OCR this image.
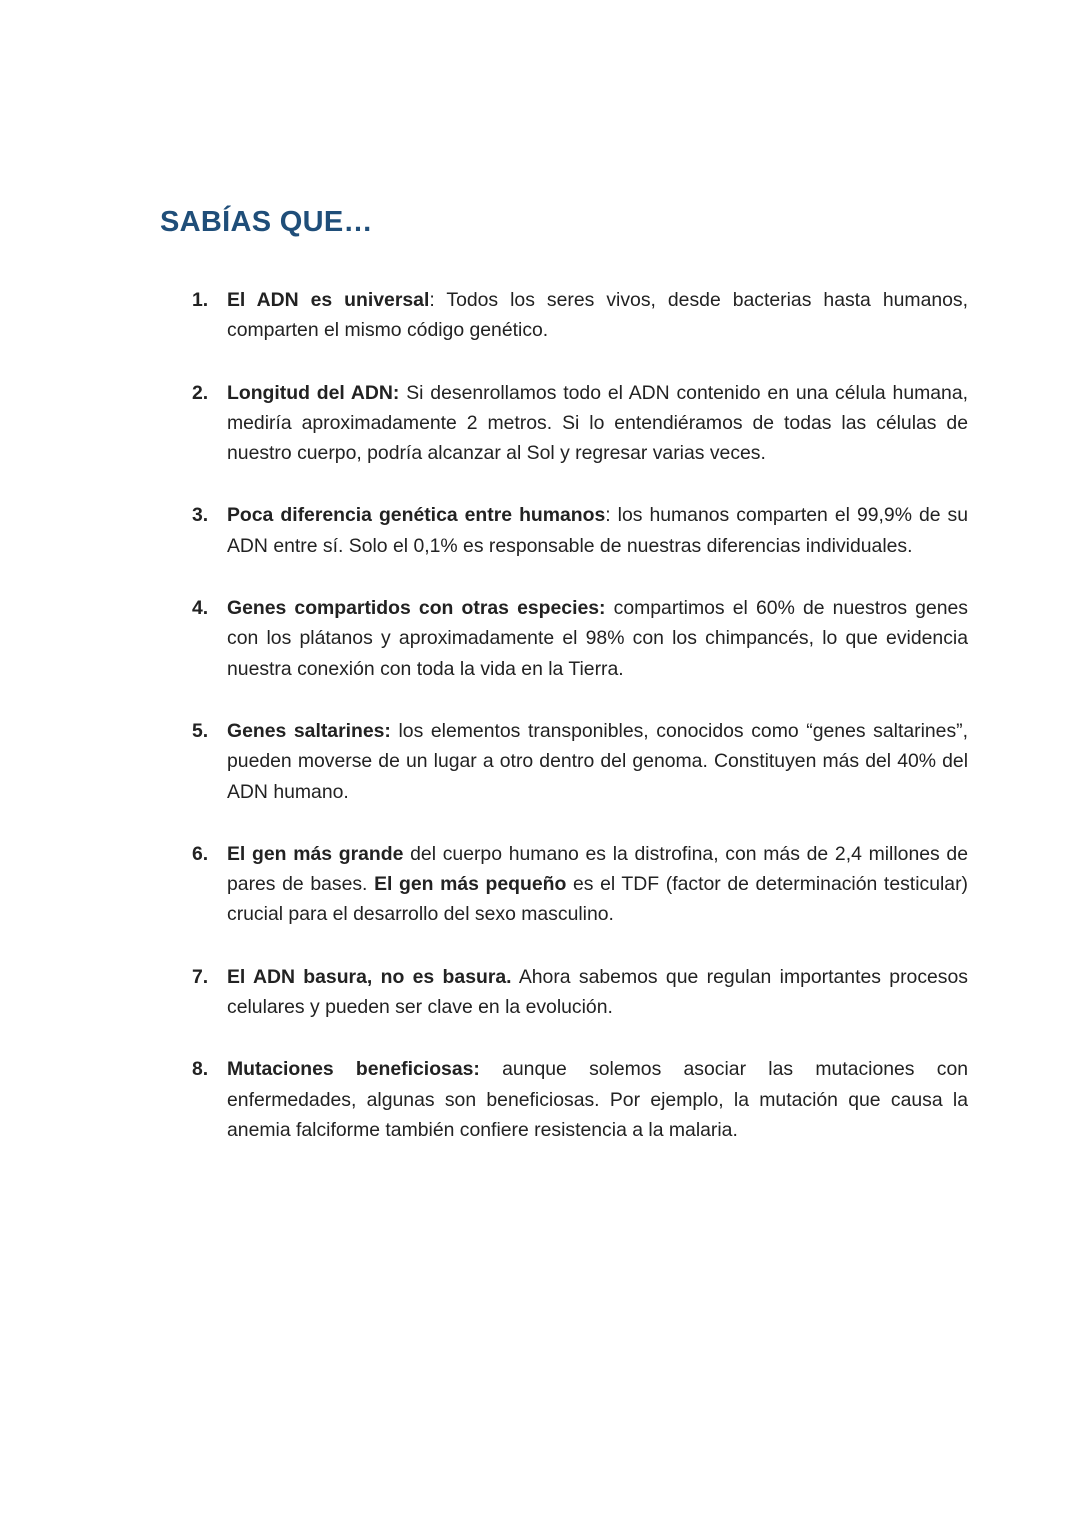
SABÍAS QUE…
1. El ADN es universal: Todos los seres vivos, desde bacterias hasta humanos, comparten el mismo código genético.
2. Longitud del ADN: Si desenrollamos todo el ADN contenido en una célula humana, mediría aproximadamente 2 metros. Si lo entendiéramos de todas las células de nuestro cuerpo, podría alcanzar al Sol y regresar varias veces.
3. Poca diferencia genética entre humanos: los humanos comparten el 99,9% de su ADN entre sí. Solo el 0,1% es responsable de nuestras diferencias individuales.
4. Genes compartidos con otras especies: compartimos el 60% de nuestros genes con los plátanos y aproximadamente el 98% con los chimpancés, lo que evidencia nuestra conexión con toda la vida en la Tierra.
5. Genes saltarines: los elementos transponibles, conocidos como “genes saltarines”, pueden moverse de un lugar a otro dentro del genoma. Constituyen más del 40% del ADN humano.
6. El gen más grande del cuerpo humano es la distrofina, con más de 2,4 millones de pares de bases. El gen más pequeño es el TDF (factor de determinación testicular) crucial para el desarrollo del sexo masculino.
7. El ADN basura, no es basura. Ahora sabemos que regulan importantes procesos celulares y pueden ser clave en la evolución.
8. Mutaciones beneficiosas: aunque solemos asociar las mutaciones con enfermedades, algunas son beneficiosas. Por ejemplo, la mutación que causa la anemia falciforme también confiere resistencia a la malaria.
